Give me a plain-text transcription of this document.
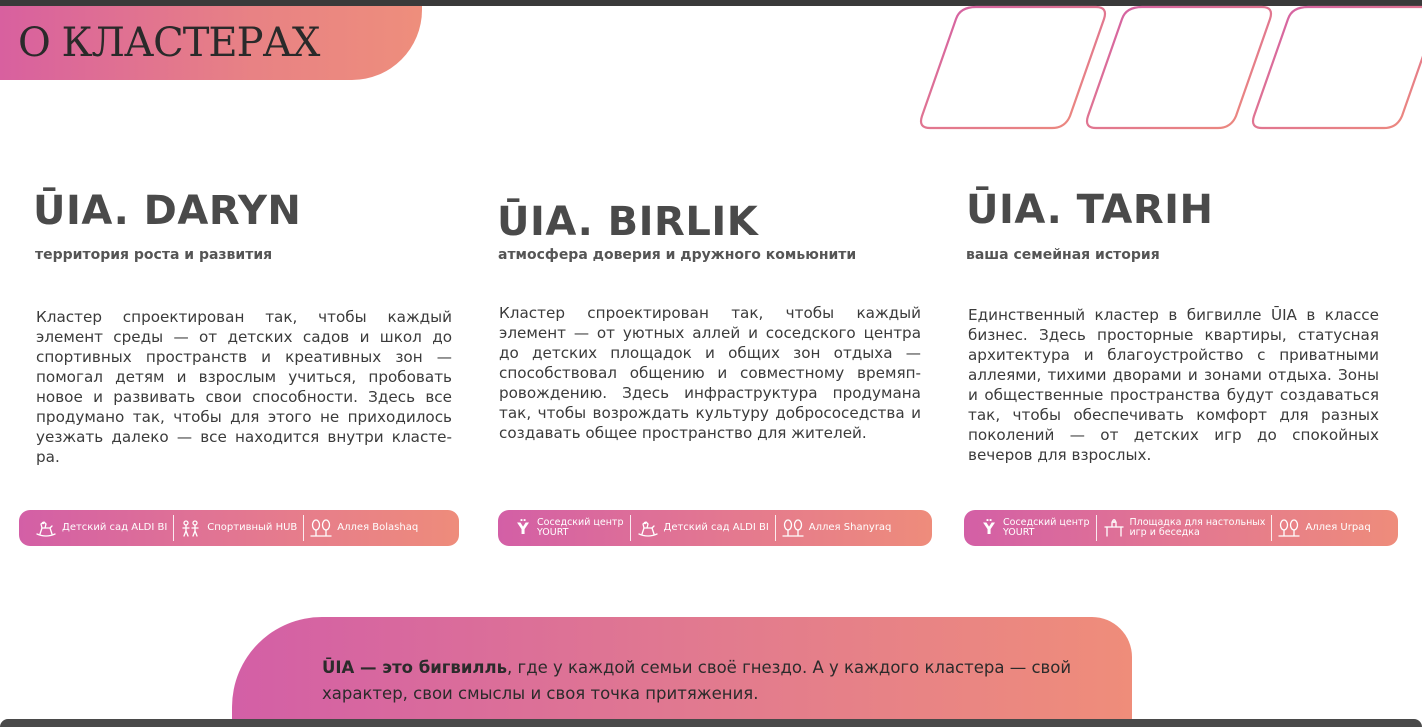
О КЛАСТЕРАХ
ŪIA. DARYN
территория роста и развития

Кластер спроектирован так, чтобы каждый элемент среды — от детских садов и школ до спортивных пространств и креативных зон — помогал детям и взрослым учиться, пробовать новое и развивать свои способности. Здесь все продумано так, чтобы для этого не приходилось уезжать далеко — все находится внутри класте-ра.

Детский сад ALDI BI	Спортивный HUB	Аллея Bolashaq
ŪIA. BIRLIK
атмосфера доверия и дружного комьюнити

Кластер спроектирован так, чтобы каждый элемент — от уютных аллей и соседского центра до детских площадок и общих зон отдыха — способствовал общению и совместному времяп-ровождению. Здесь инфраструктура продумана так, чтобы возрождать культуру добрососедства и создавать общее пространство для жителей.

Ÿ Соседский центр
YOURT	Детский сад ALDI BI	Аллея Shanyraq
ŪIA. TARIH
ваша семейная история

Единственный кластер в бигвилле ŪIA в классе бизнес. Здесь просторные квартиры, статусная архитектура и благоустройство с приватными аллеями, тихими дворами и зонами отдыха. Зоны и общественные пространства будут создаваться так, чтобы обеспечивать комфорт для разных поколений — от детских игр до спокойных вечеров для взрослых.

Ÿ Соседский центр
YOURT
Площадка для настольных
игр и беседка	Аллея Urpaq

ŪIA — это бигвилль, где у каждой семьи своё гнездо. А у каждого кластера — свой характер, свои смыслы и своя точка притяжения.
